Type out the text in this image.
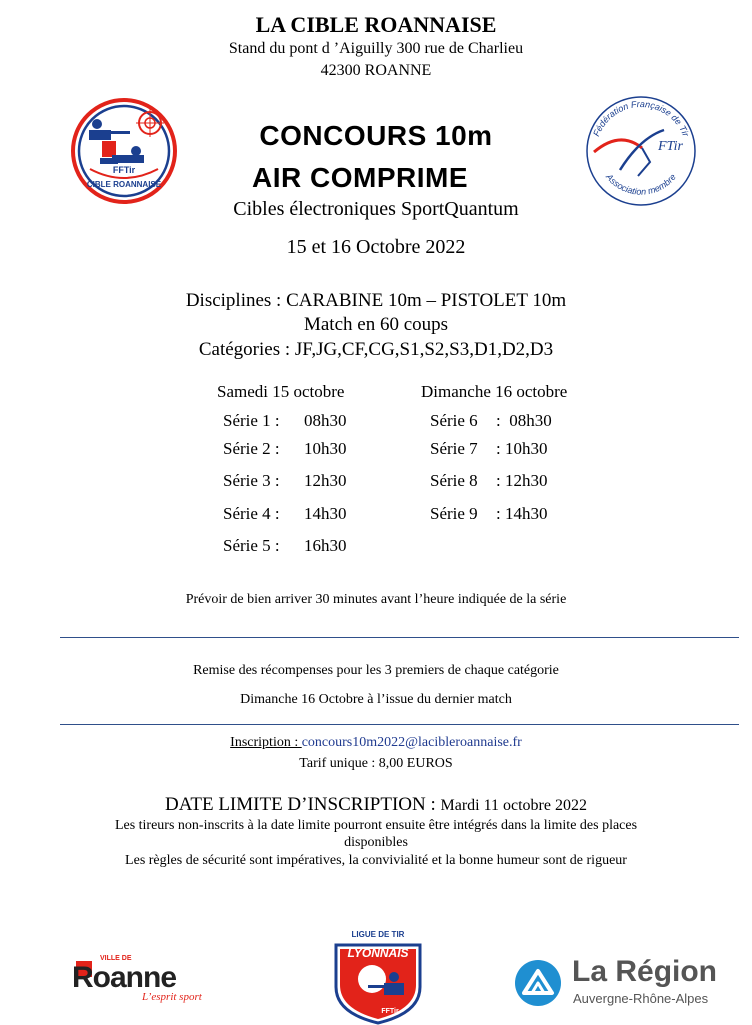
LA CIBLE ROANNAISE
Stand du pont d ’Aiguilly 300 rue de Charlieu
42300 ROANNE
FFTir
CIBLE ROANNAISE
Fédération Française de Tir
Association membre
FTir
CONCOURS 10m
AIR COMPRIME
Cibles électroniques SportQuantum
15 et 16 Octobre 2022
Disciplines : CARABINE 10m – PISTOLET 10m
Match en 60 coups
Catégories : JF,JG,CF,CG,S1,S2,S3,D1,D2,D3
Samedi 15 octobre	Dimanche 16 octobre
Série 1 : 08h30
Série 2 : 10h30
Série 3 : 12h30
Série 4 : 14h30
Série 5 : 16h30
Série 6 :  08h30
Série 7 : 10h30
Série 8 : 12h30
Série 9 : 14h30
Prévoir de bien arriver 30 minutes avant l’heure indiquée de la série
Remise des récompenses pour les 3 premiers de chaque catégorie
Dimanche 16 Octobre à l’issue du dernier match
Inscription : concours10m2022@lacibleroannaise.fr
Tarif unique : 8,00 EUROS
DATE LIMITE D’INSCRIPTION : Mardi 11 octobre 2022
Les tireurs non-inscrits à la date limite pourront ensuite être intégrés dans la limite des places
disponibles
Les règles de sécurité sont impératives, la convivialité et la bonne humeur sont de rigueur
VILLE DE
Roanne
L’esprit sport
LIGUE DE TIR
LYONNAIS
FFTir
La Région
Auvergne-Rhône-Alpes
